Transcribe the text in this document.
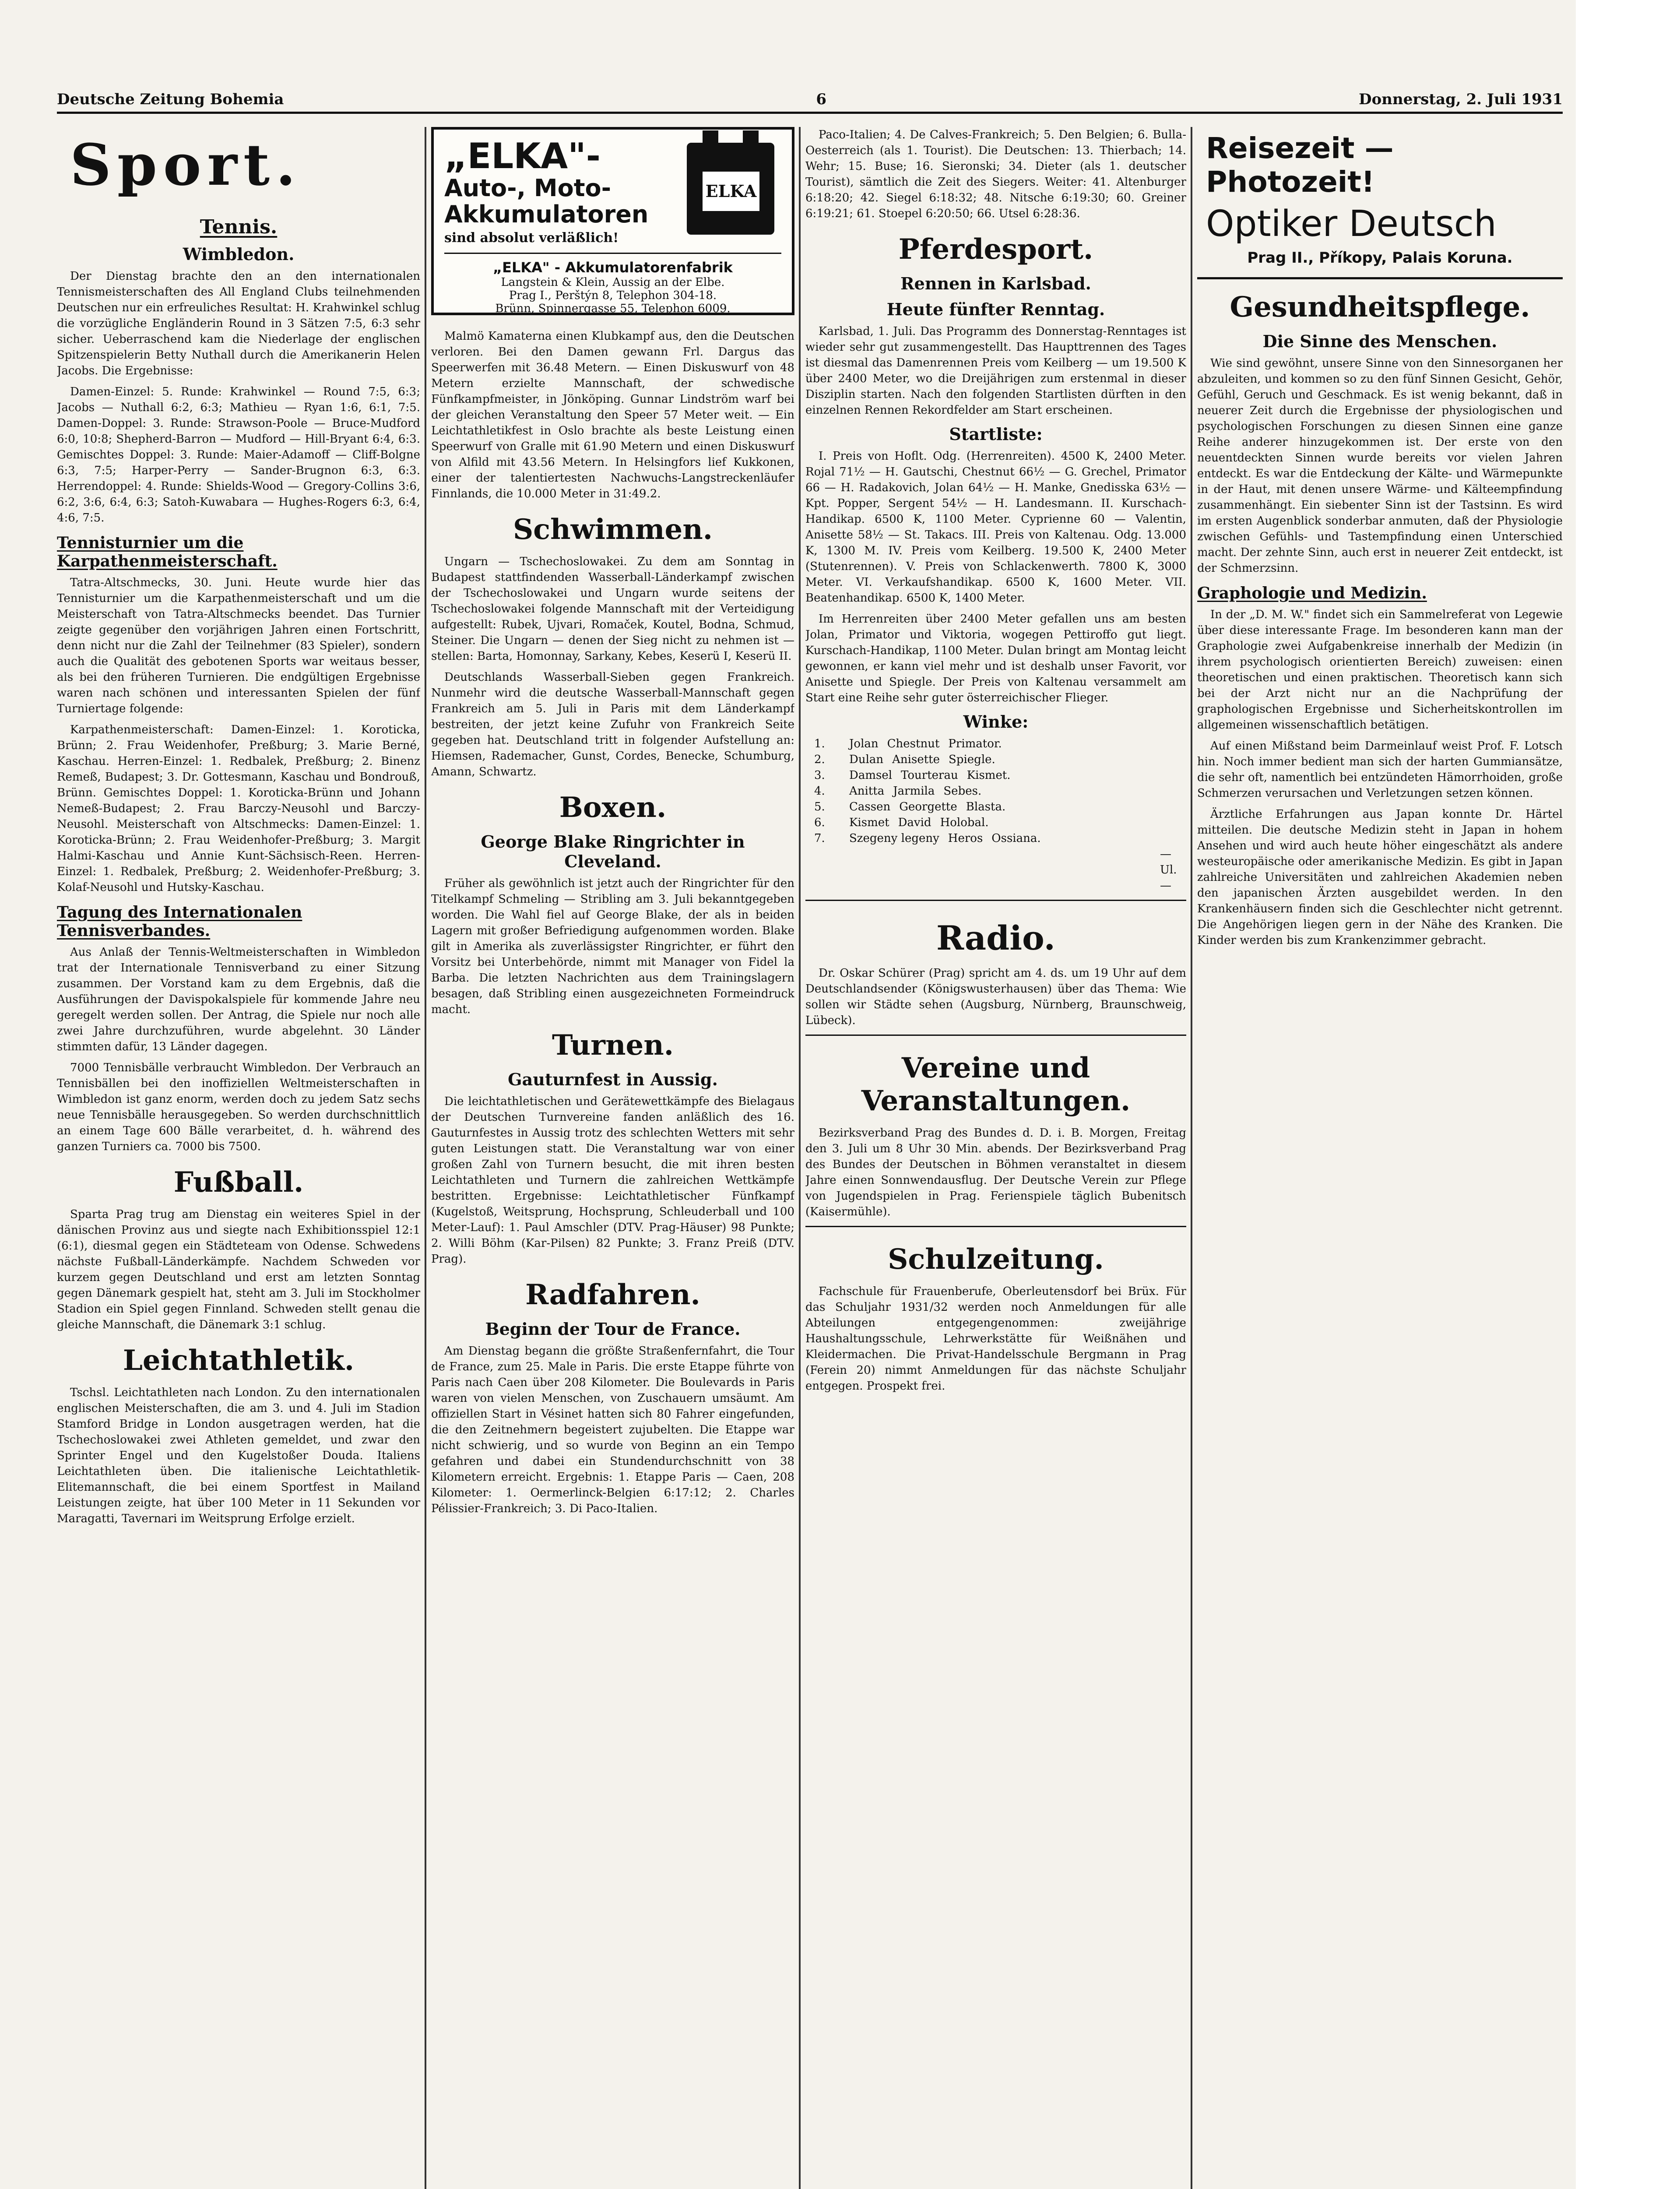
Deutsche Zeitung Bohemia	6	Donnerstag, 2. Juli 1931
Sport.
Tennis.
Wimbledon.

Der Dienstag brachte den an den internationalen Tennismeisterschaften des All England Clubs teilnehmenden Deutschen nur ein erfreuliches Resultat: H. Krahwinkel schlug die vorzügliche Engländerin Round in 3 Sätzen 7:5, 6:3 sehr sicher. Ueberraschend kam die Niederlage der englischen Spitzenspielerin Betty Nuthall durch die Amerikanerin Helen Jacobs. Die Ergebnisse:

Damen-Einzel: 5. Runde: Krahwinkel — Round 7:5, 6:3; Jacobs — Nuthall 6:2, 6:3; Mathieu — Ryan 1:6, 6:1, 7:5. Damen-Doppel: 3. Runde: Strawson-Poole — Bruce-Mudford 6:0, 10:8; Shepherd-Barron — Mudford — Hill-Bryant 6:4, 6:3. Gemischtes Doppel: 3. Runde: Maier-Adamoff — Cliff-Bolgne 6:3, 7:5; Harper-Perry — Sander-Brugnon 6:3, 6:3. Herrendoppel: 4. Runde: Shields-Wood — Gregory-Collins 3:6, 6:2, 3:6, 6:4, 6:3; Satoh-Kuwabara — Hughes-Rogers 6:3, 6:4, 4:6, 7:5.

Tennisturnier um die Karpathenmeisterschaft.

Tatra-Altschmecks, 30. Juni. Heute wurde hier das Tennisturnier um die Karpathenmeisterschaft und um die Meisterschaft von Tatra-Altschmecks beendet. Das Turnier zeigte gegenüber den vorjährigen Jahren einen Fortschritt, denn nicht nur die Zahl der Teilnehmer (83 Spieler), sondern auch die Qualität des gebotenen Sports war weitaus besser, als bei den früheren Turnieren. Die endgültigen Ergebnisse waren nach schönen und interessanten Spielen der fünf Turniertage folgende:

Karpathenmeisterschaft: Damen-Einzel: 1. Koroticka, Brünn; 2. Frau Weidenhofer, Preßburg; 3. Marie Berné, Kaschau. Herren-Einzel: 1. Redbalek, Preßburg; 2. Binenz Remeß, Budapest; 3. Dr. Gottesmann, Kaschau und Bondrouß, Brünn. Gemischtes Doppel: 1. Koroticka-Brünn und Johann Nemeß-Budapest; 2. Frau Barczy-Neusohl und Barczy-Neusohl. Meisterschaft von Altschmecks: Damen-Einzel: 1. Koroticka-Brünn; 2. Frau Weidenhofer-Preßburg; 3. Margit Halmi-Kaschau und Annie Kunt-Sächsisch-Reen. Herren-Einzel: 1. Redbalek, Preßburg; 2. Weidenhofer-Preßburg; 3. Kolaf-Neusohl und Hutsky-Kaschau.

Tagung des Internationalen Tennisverbandes.

Aus Anlaß der Tennis-Weltmeisterschaften in Wimbledon trat der Internationale Tennisverband zu einer Sitzung zusammen. Der Vorstand kam zu dem Ergebnis, daß die Ausführungen der Davispokalspiele für kommende Jahre neu geregelt werden sollen. Der Antrag, die Spiele nur noch alle zwei Jahre durchzuführen, wurde abgelehnt. 30 Länder stimmten dafür, 13 Länder dagegen.

7000 Tennisbälle verbraucht Wimbledon. Der Verbrauch an Tennisbällen bei den inoffiziellen Weltmeisterschaften in Wimbledon ist ganz enorm, werden doch zu jedem Satz sechs neue Tennisbälle herausgegeben. So werden durchschnittlich an einem Tage 600 Bälle verarbeitet, d. h. während des ganzen Turniers ca. 7000 bis 7500.

Fußball.

Sparta Prag trug am Dienstag ein weiteres Spiel in der dänischen Provinz aus und siegte nach Exhibitionsspiel 12:1 (6:1), diesmal gegen ein Städteteam von Odense. Schwedens nächste Fußball-Länderkämpfe. Nachdem Schweden vor kurzem gegen Deutschland und erst am letzten Sonntag gegen Dänemark gespielt hat, steht am 3. Juli im Stockholmer Stadion ein Spiel gegen Finnland. Schweden stellt genau die gleiche Mannschaft, die Dänemark 3:1 schlug.

Leichtathletik.

Tschsl. Leichtathleten nach London. Zu den internationalen englischen Meisterschaften, die am 3. und 4. Juli im Stadion Stamford Bridge in London ausgetragen werden, hat die Tschechoslowakei zwei Athleten gemeldet, und zwar den Sprinter Engel und den Kugelstoßer Douda. Italiens Leichtathleten üben. Die italienische Leichtathletik-Elitemannschaft, die bei einem Sportfest in Mailand Leistungen zeigte, hat über 100 Meter in 11 Sekunden vor Maragatti, Tavernari im Weitsprung Erfolge erzielt.

„ELKA"-
Auto-, Moto-
Akkumulatoren
sind absolut verläßlich!
„ELKA" - Akkumulatorenfabrik
Langstein & Klein, Aussig an der Elbe.
Prag I., Perštýn 8, Telephon 304-18.
Brünn, Spinnergasse 55, Telephon 6009.
ELKA

Malmö Kamaterna einen Klubkampf aus, den die Deutschen verloren. Bei den Damen gewann Frl. Dargus das Speerwerfen mit 36.48 Metern. — Einen Diskuswurf von 48 Metern erzielte Mannschaft, der schwedische Fünfkampfmeister, in Jönköping. Gunnar Lindström warf bei der gleichen Veranstaltung den Speer 57 Meter weit. — Ein Leichtathletikfest in Oslo brachte als beste Leistung einen Speerwurf von Gralle mit 61.90 Metern und einen Diskuswurf von Alfild mit 43.56 Metern. In Helsingfors lief Kukkonen, einer der talentiertesten Nachwuchs-Langstreckenläufer Finnlands, die 10.000 Meter in 31:49.2.

Schwimmen.

Ungarn — Tschechoslowakei. Zu dem am Sonntag in Budapest stattfindenden Wasserball-Länderkampf zwischen der Tschechoslowakei und Ungarn wurde seitens der Tschechoslowakei folgende Mannschaft mit der Verteidigung aufgestellt: Rubek, Ujvari, Romaček, Koutel, Bodna, Schmud, Steiner. Die Ungarn — denen der Sieg nicht zu nehmen ist — stellen: Barta, Homonnay, Sarkany, Kebes, Keserü I, Keserü II.

Deutschlands Wasserball-Sieben gegen Frankreich. Nunmehr wird die deutsche Wasserball-Mannschaft gegen Frankreich am 5. Juli in Paris mit dem Länderkampf bestreiten, der jetzt keine Zufuhr von Frankreich Seite gegeben hat. Deutschland tritt in folgender Aufstellung an: Hiemsen, Rademacher, Gunst, Cordes, Benecke, Schumburg, Amann, Schwartz.

Boxen.
George Blake Ringrichter in Cleveland.

Früher als gewöhnlich ist jetzt auch der Ringrichter für den Titelkampf Schmeling — Stribling am 3. Juli bekanntgegeben worden. Die Wahl fiel auf George Blake, der als in beiden Lagern mit großer Befriedigung aufgenommen worden. Blake gilt in Amerika als zuverlässigster Ringrichter, er führt den Vorsitz bei Unterbehörde, nimmt mit Manager von Fidel la Barba. Die letzten Nachrichten aus dem Trainingslagern besagen, daß Stribling einen ausgezeichneten Formeindruck macht.

Turnen.
Gauturnfest in Aussig.

Die leichtathletischen und Gerätewettkämpfe des Bielagaus der Deutschen Turnvereine fanden anläßlich des 16. Gauturnfestes in Aussig trotz des schlechten Wetters mit sehr guten Leistungen statt. Die Veranstaltung war von einer großen Zahl von Turnern besucht, die mit ihren besten Leichtathleten und Turnern die zahlreichen Wettkämpfe bestritten. Ergebnisse: Leichtathletischer Fünfkampf (Kugelstoß, Weitsprung, Hochsprung, Schleuderball und 100 Meter-Lauf): 1. Paul Amschler (DTV. Prag-Häuser) 98 Punkte; 2. Willi Böhm (Kar-Pilsen) 82 Punkte; 3. Franz Preiß (DTV. Prag).

Radfahren.
Beginn der Tour de France.

Am Dienstag begann die größte Straßenfernfahrt, die Tour de France, zum 25. Male in Paris. Die erste Etappe führte von Paris nach Caen über 208 Kilometer. Die Boulevards in Paris waren von vielen Menschen, von Zuschauern umsäumt. Am offiziellen Start in Vésinet hatten sich 80 Fahrer eingefunden, die den Zeitnehmern begeistert zujubelten. Die Etappe war nicht schwierig, und so wurde von Beginn an ein Tempo gefahren und dabei ein Stundendurchschnitt von 38 Kilometern erreicht. Ergebnis: 1. Etappe Paris — Caen, 208 Kilometer: 1. Oermerlinck-Belgien 6:17:12; 2. Charles Pélissier-Frankreich; 3. Di Paco-Italien.

Paco-Italien; 4. De Calves-Frankreich; 5. Den Belgien; 6. Bulla-Oesterreich (als 1. Tourist). Die Deutschen: 13. Thierbach; 14. Wehr; 15. Buse; 16. Sieronski; 34. Dieter (als 1. deutscher Tourist), sämtlich die Zeit des Siegers. Weiter: 41. Altenburger 6:18:20; 42. Siegel 6:18:32; 48. Nitsche 6:19:30; 60. Greiner 6:19:21; 61. Stoepel 6:20:50; 66. Utsel 6:28:36.

Pferdesport.
Rennen in Karlsbad.
Heute fünfter Renntag.

Karlsbad, 1. Juli. Das Programm des Donnerstag-Renntages ist wieder sehr gut zusammengestellt. Das Haupttrennen des Tages ist diesmal das Damenrennen Preis vom Keilberg — um 19.500 K über 2400 Meter, wo die Dreijährigen zum erstenmal in dieser Disziplin starten. Nach den folgenden Startlisten dürften in den einzelnen Rennen Rekordfelder am Start erscheinen.

Startliste:

I. Preis von Hoflt. Odg. (Herrenreiten). 4500 K, 2400 Meter. Rojal 71½ — H. Gautschi, Chestnut 66½ — G. Grechel, Primator 66 — H. Radakovich, Jolan 64½ — H. Manke, Gnedisska 63½ — Kpt. Popper, Sergent 54½ — H. Landesmann. II. Kurschach-Handikap. 6500 K, 1100 Meter. Cyprienne 60 — Valentin, Anisette 58½ — St. Takacs. III. Preis von Kaltenau. Odg. 13.000 K, 1300 M. IV. Preis vom Keilberg. 19.500 K, 2400 Meter (Stutenrennen). V. Preis von Schlackenwerth. 7800 K, 3000 Meter. VI. Verkaufshandikap. 6500 K, 1600 Meter. VII. Beatenhandikap. 6500 K, 1400 Meter.

Im Herrenreiten über 2400 Meter gefallen uns am besten Jolan, Primator und Viktoria, wogegen Pettiroffo gut liegt. Kurschach-Handikap, 1100 Meter. Dulan bringt am Montag leicht gewonnen, er kann viel mehr und ist deshalb unser Favorit, vor Anisette und Spiegle. Der Preis von Kaltenau versammelt am Start eine Reihe sehr guter österreichischer Flieger.

Winke:
1.	Jolan Chestnut Primator.
2.	Dulan Anisette Spiegle.
3.	Damsel Tourterau Kismet.
4.	Anitta Jarmila Sebes.
5.	Cassen Georgette Blasta.
6.	Kismet David Holobal.
7.	Szegeny legeny Heros Ossiana.
—Ul.—
Radio.

Dr. Oskar Schürer (Prag) spricht am 4. ds. um 19 Uhr auf dem Deutschlandsender (Königswusterhausen) über das Thema: Wie sollen wir Städte sehen (Augsburg, Nürnberg, Braunschweig, Lübeck).

Vereine und Veranstaltungen.

Bezirksverband Prag des Bundes d. D. i. B. Morgen, Freitag den 3. Juli um 8 Uhr 30 Min. abends. Der Bezirksverband Prag des Bundes der Deutschen in Böhmen veranstaltet in diesem Jahre einen Sonnwendausflug. Der Deutsche Verein zur Pflege von Jugendspielen in Prag. Ferienspiele täglich Bubenitsch (Kaisermühle).

Schulzeitung.

Fachschule für Frauenberufe, Oberleutensdorf bei Brüx. Für das Schuljahr 1931/32 werden noch Anmeldungen für alle Abteilungen entgegengenommen: zweijährige Haushaltungsschule, Lehrwerkstätte für Weißnähen und Kleidermachen. Die Privat-Handelsschule Bergmann in Prag (Ferein 20) nimmt Anmeldungen für das nächste Schuljahr entgegen. Prospekt frei.

Reisezeit — Photozeit!
Optiker Deutsch
Prag II., Příkopy, Palais Koruna.
Gesundheitspflege.
Die Sinne des Menschen.

Wie sind gewöhnt, unsere Sinne von den Sinnesorganen her abzuleiten, und kommen so zu den fünf Sinnen Gesicht, Gehör, Gefühl, Geruch und Geschmack. Es ist wenig bekannt, daß in neuerer Zeit durch die Ergebnisse der physiologischen und psychologischen Forschungen zu diesen Sinnen eine ganze Reihe anderer hinzugekommen ist. Der erste von den neuentdeckten Sinnen wurde bereits vor vielen Jahren entdeckt. Es war die Entdeckung der Kälte- und Wärmepunkte in der Haut, mit denen unsere Wärme- und Kälteempfindung zusammenhängt. Ein siebenter Sinn ist der Tastsinn. Es wird im ersten Augenblick sonderbar anmuten, daß der Physiologie zwischen Gefühls- und Tastempfindung einen Unterschied macht. Der zehnte Sinn, auch erst in neuerer Zeit entdeckt, ist der Schmerzsinn.

Graphologie und Medizin.

In der „D. M. W." findet sich ein Sammelreferat von Legewie über diese interessante Frage. Im besonderen kann man der Graphologie zwei Aufgabenkreise innerhalb der Medizin (in ihrem psychologisch orientierten Bereich) zuweisen: einen theoretischen und einen praktischen. Theoretisch kann sich bei der Arzt nicht nur an die Nachprüfung der graphologischen Ergebnisse und Sicherheitskontrollen im allgemeinen wissenschaftlich betätigen.

Auf einen Mißstand beim Darmeinlauf weist Prof. F. Lotsch hin. Noch immer bedient man sich der harten Gummiansätze, die sehr oft, namentlich bei entzündeten Hämorrhoiden, große Schmerzen verursachen und Verletzungen setzen können.

Ärztliche Erfahrungen aus Japan konnte Dr. Härtel mitteilen. Die deutsche Medizin steht in Japan in hohem Ansehen und wird auch heute höher eingeschätzt als andere westeuropäische oder amerikanische Medizin. Es gibt in Japan zahlreiche Universitäten und zahlreichen Akademien neben den japanischen Ärzten ausgebildet werden. In den Krankenhäusern finden sich die Geschlechter nicht getrennt. Die Angehörigen liegen gern in der Nähe des Kranken. Die Kinder werden bis zum Krankenzimmer gebracht.
